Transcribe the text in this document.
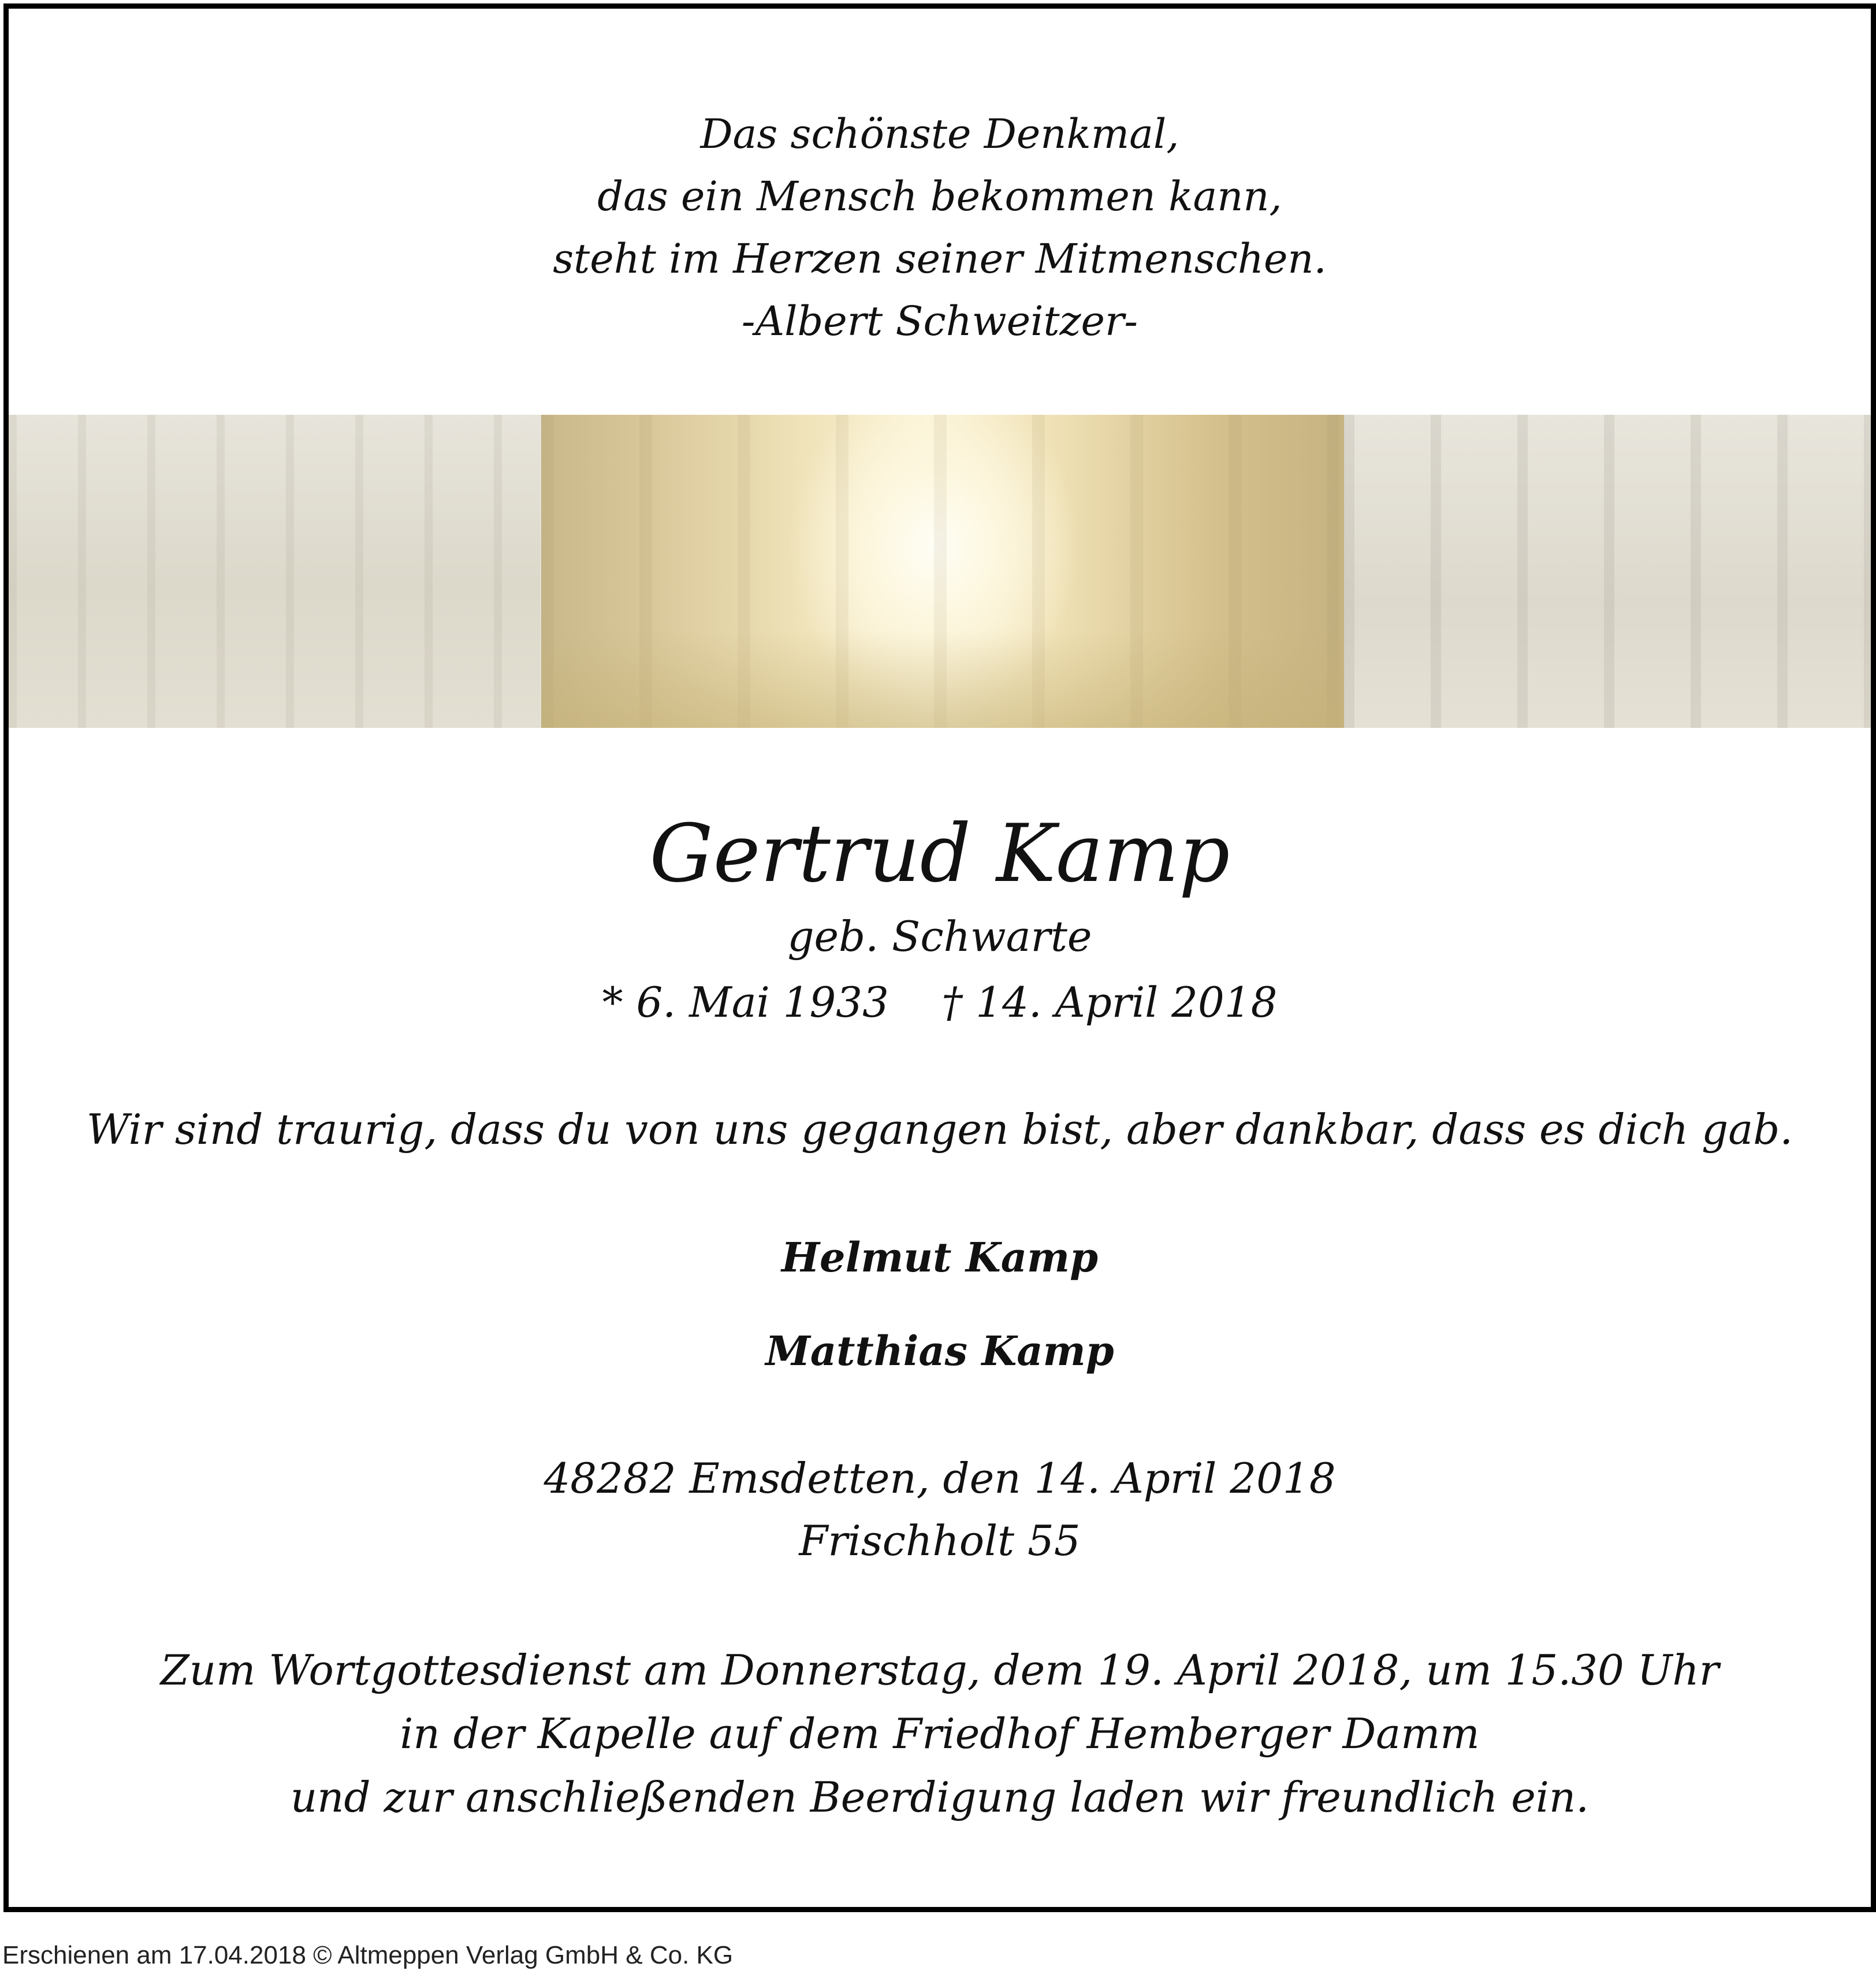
Das schönste Denkmal,
das ein Mensch bekommen kann,
steht im Herzen seiner Mitmenschen.
-Albert Schweitzer-
Gertrud Kamp
geb. Schwarte
* 6. Mai 1933    † 14. April 2018
Wir sind traurig, dass du von uns gegangen bist, aber dankbar, dass es dich gab.
Helmut Kamp
Matthias Kamp
48282 Emsdetten, den 14. April 2018
Frischholt 55
Zum Wortgottesdienst am Donnerstag, dem 19. April 2018, um 15.30 Uhr
in der Kapelle auf dem Friedhof Hemberger Damm
und zur anschließenden Beerdigung laden wir freundlich ein.
Erschienen am 17.04.2018 © Altmeppen Verlag GmbH & Co. KG
